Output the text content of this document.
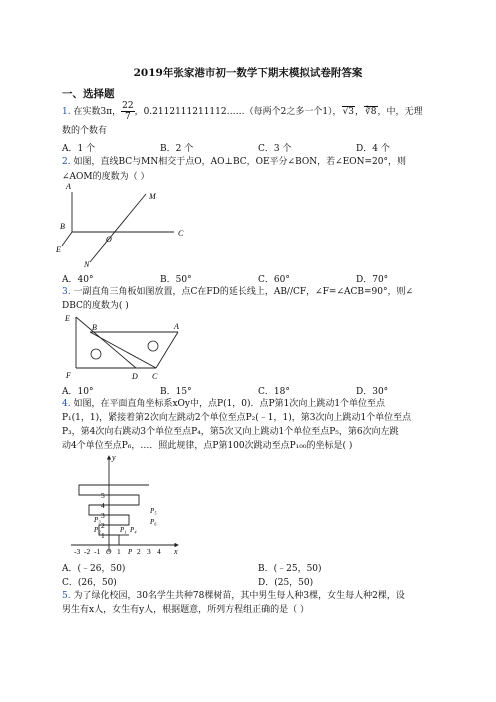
2019年张家港市初一数学下期末模拟试卷附答案
一、选择题
1. 在实数3π， $\frac{22}{7}$ ，0.2112111211112……（每两个2之多一个1），√3，∛8，中，无理
数的个数有
A．1 个	B．2 个	C．3 个	D．4 个
2. 如图，直线BC与MN相交于点O，AO⊥BC，OE平分∠BON，若∠EON=20°，则
∠AOM的度数为（ ）
A
M
B
C
O
E
N
A．40°	B．50°	C．60°	D．70°
3. 一副直角三角板如图放置，点C在FD的延长线上，AB//CF，∠F=∠ACB=90°，则∠
DBC的度数为( )
E
B	A
F	D C
A．10°	B．15°	C．18°	D．30°
4. 如图，在平面直角坐标系xOy中，点P(1，0)．点P第1次向上跳动1个单位至点
P₁(1，1)，紧接着第2次向左跳动2个单位至点P₂(﹣1，1)，第3次向上跳动1个单位至点
P₃，第4次向右跳动3个单位至点P₄，第5次又向上跳动1个单位至点P₅，第6次向左跳
动4个单位至点P₆，…．照此规律，点P第100次跳动至点P₁₀₀的坐标是( )
5
4
3
2
1
-3 -2 -1 1 2 3 4
y
x
O
P₅
P₆
P₃
P₄
P₂	P₁
P
A．(﹣26，50)	B．(﹣25，50)
C．(26，50)	D．(25，50)
5. 为了绿化校园，30名学生共种78棵树苗，其中男生每人种3棵，女生每人种2棵，设
男生有x人，女生有y人，根据题意，所列方程组正确的是（ ）
